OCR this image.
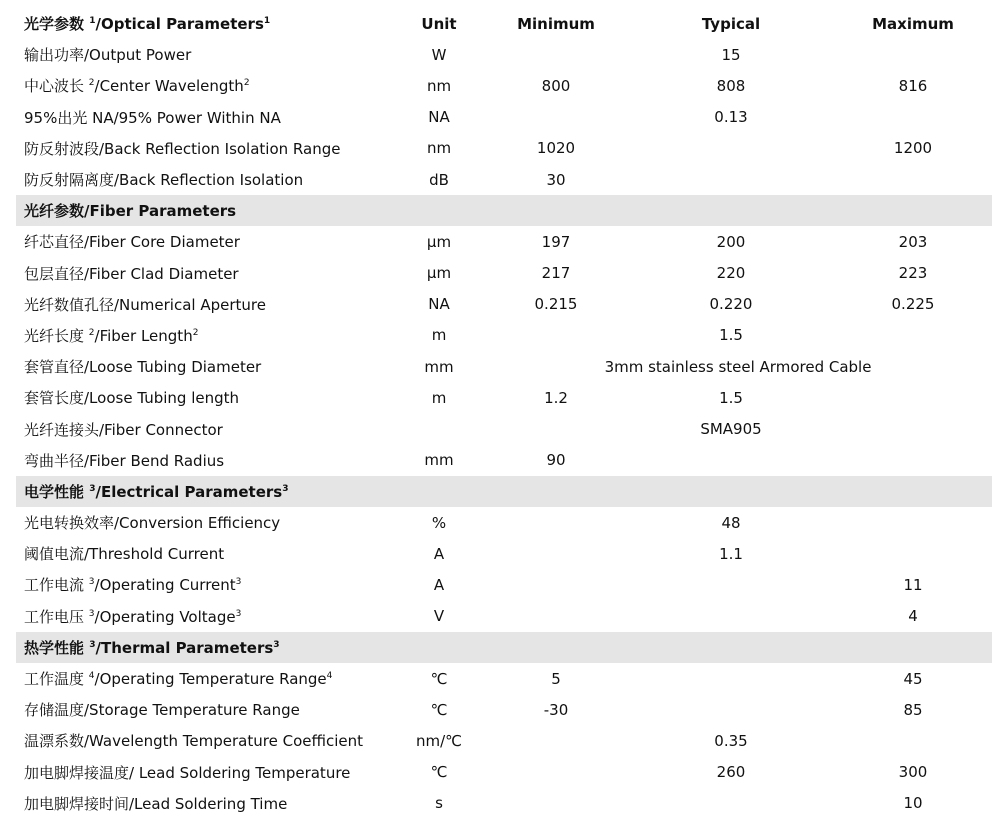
光学参数 $^1$/Optical Parameters$^1$	Unit	Minimum	Typical	Maximum
输出功率/Output Power	W		15	
中心波长 $^2$/Center Wavelength$^2$	nm	800	808	816
95%出光 NA/95% Power Within NA	NA		0.13	
防反射波段/Back Reflection Isolation Range	nm	1020		1200
防反射隔离度/Back Reflection Isolation	dB	30		
光纤参数/Fiber Parameters				
纤芯直径/Fiber Core Diameter	μm	197	200	203
包层直径/Fiber Clad Diameter	μm	217	220	223
光纤数值孔径/Numerical Aperture	NA	0.215	0.220	0.225
光纤长度 $^2$/Fiber Length$^2$	m		1.5	
套管直径/Loose Tubing Diameter	mm	3mm stainless steel Armored Cable		
套管长度/Loose Tubing length	m	1.2	1.5	
光纤连接头/Fiber Connector			SMA905	
弯曲半径/Fiber Bend Radius	mm	90		
电学性能 $^3$/Electrical Parameters$^3$
光电转换效率/Conversion Efficiency	%		48	
阈值电流/Threshold Current	A		1.1	
工作电流 $^3$/Operating Current$^3$	A			11
工作电压 $^3$/Operating Voltage$^3$	V			4
热学性能 $^3$/Thermal Parameters$^3$
工作温度 $^4$/Operating Temperature Range$^4$	℃	5		45
存储温度/Storage Temperature Range	℃	-30		85
温漂系数/Wavelength Temperature Coefficient	nm/℃		0.35	
加电脚焊接温度/ Lead Soldering Temperature	℃		260	300
加电脚焊接时间/Lead Soldering Time	s			10
